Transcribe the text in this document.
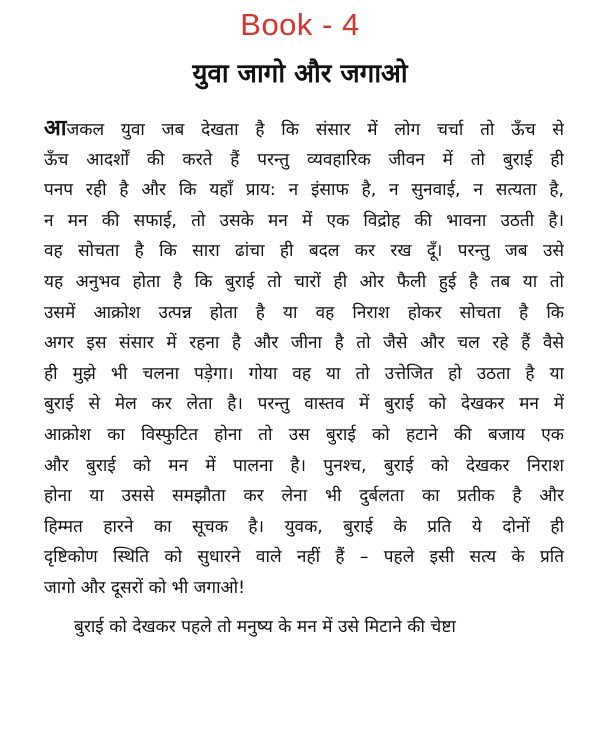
Book - 4
युवा जागो और जगाओ
आजकल युवा जब देखता है कि संसार में लोग चर्चा तो ऊँच से
ऊँच आदर्शों की करते हैं परन्तु व्यवहारिक जीवन में तो बुराई ही
पनप रही है और कि यहाँ प्राय: न इंसाफ है, न सुनवाई, न सत्यता है,
न मन की सफाई, तो उसके मन में एक विद्रोह की भावना उठती है।
वह सोचता है कि सारा ढांचा ही बदल कर रख दूँ। परन्तु जब उसे
यह अनुभव होता है कि बुराई तो चारों ही ओर फैली हुई है तब या तो
उसमें आक्रोश उत्पन्न होता है या वह निराश होकर सोचता है कि
अगर इस संसार में रहना है और जीना है तो जैसे और चल रहे हैं वैसे
ही मुझे भी चलना पड़ेगा। गोया वह या तो उत्तेजित हो उठता है या
बुराई से मेल कर लेता है। परन्तु वास्तव में बुराई को देखकर मन में
आक्रोश का विस्फुटित होना तो उस बुराई को हटाने की बजाय एक
और बुराई को मन में पालना है। पुनश्च, बुराई को देखकर निराश
होना या उससे समझौता कर लेना भी दुर्बलता का प्रतीक है और
हिम्मत हारने का सूचक है। युवक, बुराई के प्रति ये दोनों ही
दृष्टिकोण स्थिति को सुधारने वाले नहीं हैं – पहले इसी सत्य के प्रति
जागो और दूसरों को भी जगाओ!
बुराई को देखकर पहले तो मनुष्य के मन में उसे मिटाने की चेष्टा
